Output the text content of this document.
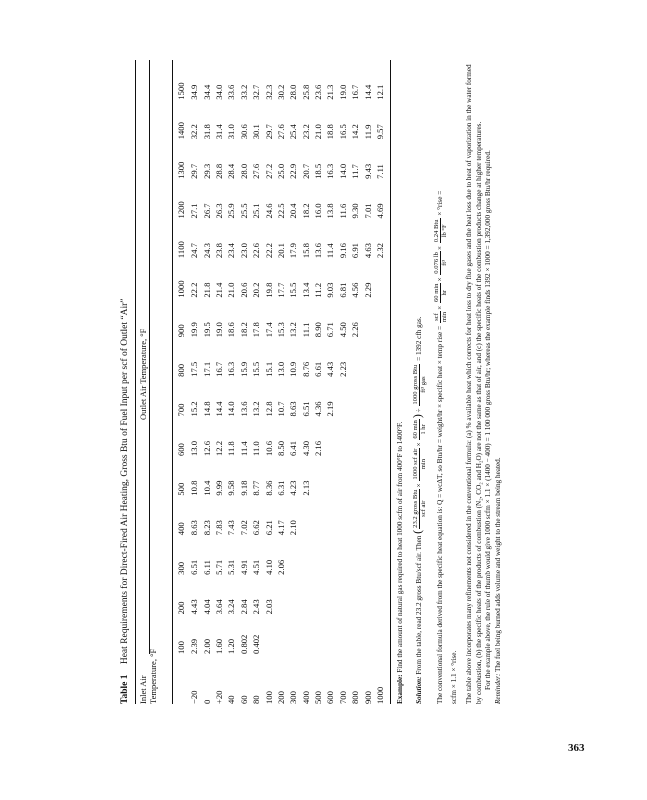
Table 1 Heat Requirements for Direct-Fired Air Heating, Gross Btu of Fuel Input per scf of Outlet “Air”
Inlet Air Temperature, °F
Outlet Air Temperature, °F
	100	200	300	400	500	600	700	800	900	1000	1100	1200	1300	1400	1500
−20	2.39	4.43	6.51	8.63	10.8	13.0	15.2	17.5	19.9	22.2	24.7	27.1	29.7	32.2	34.9
0	2.00	4.04	6.11	8.23	10.4	12.6	14.8	17.1	19.5	21.8	24.3	26.7	29.3	31.8	34.4
+20	1.60	3.64	5.71	7.83	9.99	12.2	14.4	16.7	19.0	21.4	23.8	26.3	28.8	31.4	34.0
40	1.20	3.24	5.31	7.43	9.58	11.8	14.0	16.3	18.6	21.0	23.4	25.9	28.4	31.0	33.6
60	0.802	2.84	4.91	7.02	9.18	11.4	13.6	15.9	18.2	20.6	23.0	25.5	28.0	30.6	33.2
80	0.402	2.43	4.51	6.62	8.77	11.0	13.2	15.5	17.8	20.2	22.6	25.1	27.6	30.1	32.7
100		2.03	4.10	6.21	8.36	10.6	12.8	15.1	17.4	19.8	22.2	24.6	27.2	29.7	32.3
200			2.06	4.17	6.31	8.50	10.7	13.0	15.3	17.7	20.1	22.5	25.0	27.6	30.2
300				2.10	4.23	6.41	8.63	10.9	13.2	15.5	17.9	20.4	22.9	25.4	28.0
400					2.13	4.30	6.51	8.76	11.1	13.4	15.8	18.2	20.7	23.2	25.8
500						2.16	4.36	6.61	8.90	11.2	13.6	16.0	18.5	21.0	23.6
600							2.19	4.43	6.71	9.03	11.4	13.8	16.3	18.8	21.3
700								2.23	4.50	6.81	9.16	11.6	14.0	16.5	19.0
800									2.26	4.56	6.91	9.30	11.7	14.2	16.7
900										2.29	4.63	7.01	9.43	11.9	14.4
1000											2.32	4.69	7.11	9.57	12.1

Example: Find the amount of natural gas required to heat 1000 scfm of air from 400°F to 1400°F.

Solution: From the table, read 23.2 gross Btu/scf air. Then (
23.2 gross Btu scf air
×
1000 scf air min
×
60 min 1 hr
) ÷
1000 gross Btu ft³ gas
= 1392 cfh gas.	The conventional formula derived from the specific heat equation is: Q = wcΔT, so Btu/hr = weight/hr × specific heat × temp rise =
scf min
×
60 min hr
×
0.076 lb ft³
×
0.24 Btu lb °F
× °rise =

scfm × 1.1 × °rise. The table above incorporates many refinements not considered in the conventional formula: (a) % available heat which corrects for heat loss to dry flue gases and the heat loss due to heat of vaporization in the water formed by combustion, (b) the specific heats of the products of combustion (N₂, CO₂ and H₂O) are not the same as that of air, and (c) the specific heats of the combustion products change at higher temperatures. For the example above, the rule of thumb would give 1000 scfm × 1.1 × (1400 − 400) = 1 100 000 gross Btu/hr; whereas the example finds 1392 × 1000 = 1,392,000 gross Btu/hr required. Reminder: The fuel being burned adds volume and weight to the stream being heated.

363
